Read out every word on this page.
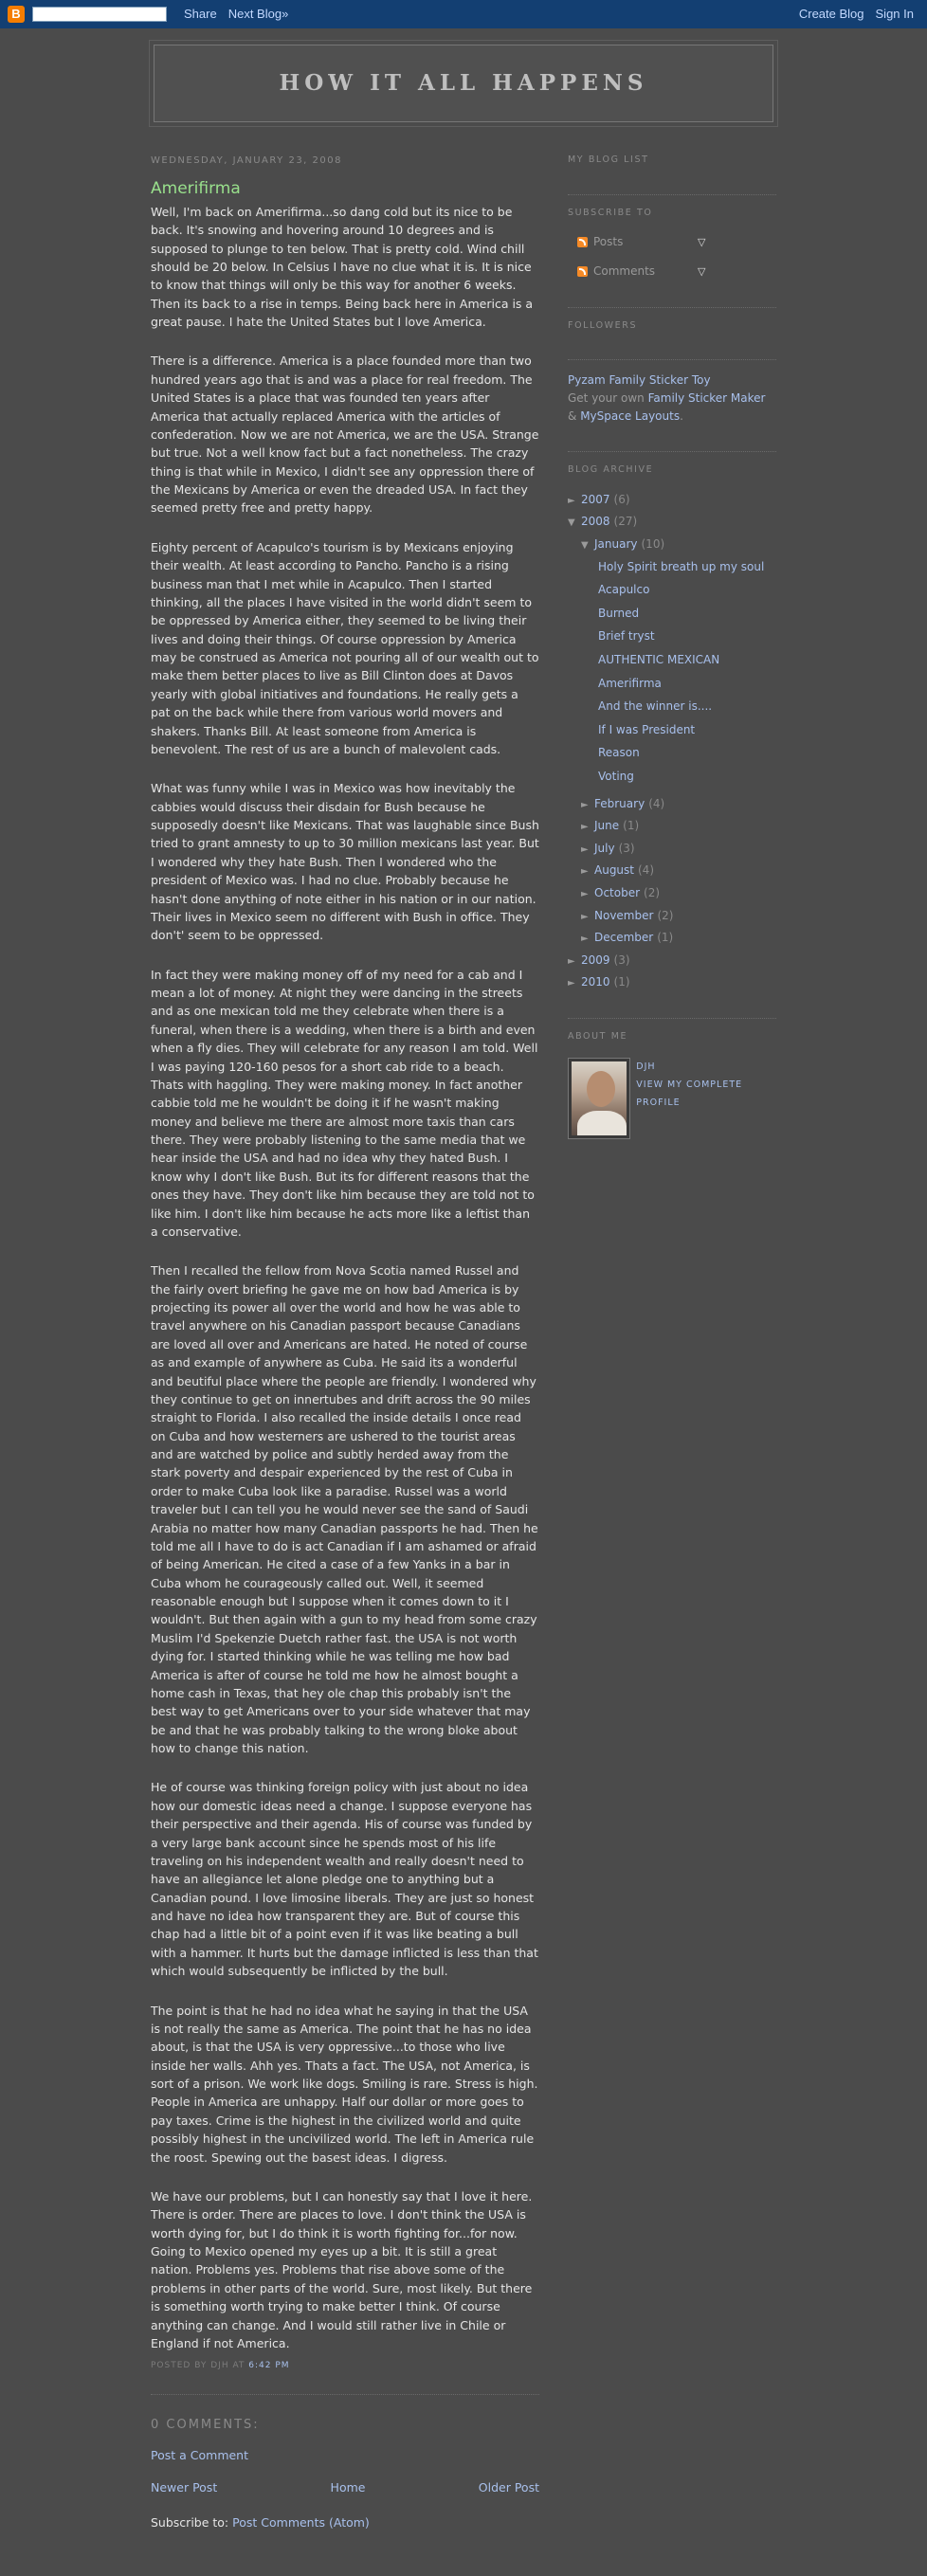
B	Share Next Blog»	Create Blog Sign In
HOW IT ALL HAPPENS
WEDNESDAY, JANUARY 23, 2008
Amerifirma

Well, I'm back on Amerifirma...so dang cold but its nice to be back. It's snowing and hovering around 10 degrees and is supposed to plunge to ten below. That is pretty cold. Wind chill should be 20 below. In Celsius I have no clue what it is. It is nice to know that things will only be this way for another 6 weeks. Then its back to a rise in temps. Being back here in America is a great pause. I hate the United States but I love America.

There is a difference. America is a place founded more than two hundred years ago that is and was a place for real freedom. The United States is a place that was founded ten years after America that actually replaced America with the articles of confederation. Now we are not America, we are the USA. Strange but true. Not a well know fact but a fact nonetheless. The crazy thing is that while in Mexico, I didn't see any oppression there of the Mexicans by America or even the dreaded USA. In fact they seemed pretty free and pretty happy.

Eighty percent of Acapulco's tourism is by Mexicans enjoying their wealth. At least according to Pancho. Pancho is a rising business man that I met while in Acapulco. Then I started thinking, all the places I have visited in the world didn't seem to be oppressed by America either, they seemed to be living their lives and doing their things. Of course oppression by America may be construed as America not pouring all of our wealth out to make them better places to live as Bill Clinton does at Davos yearly with global initiatives and foundations. He really gets a pat on the back while there from various world movers and shakers. Thanks Bill. At least someone from America is benevolent. The rest of us are a bunch of malevolent cads.

What was funny while I was in Mexico was how inevitably the cabbies would discuss their disdain for Bush because he supposedly doesn't like Mexicans. That was laughable since Bush tried to grant amnesty to up to 30 million mexicans last year. But I wondered why they hate Bush. Then I wondered who the president of Mexico was. I had no clue. Probably because he hasn't done anything of note either in his nation or in our nation. Their lives in Mexico seem no different with Bush in office. They don't' seem to be oppressed.

In fact they were making money off of my need for a cab and I mean a lot of money. At night they were dancing in the streets and as one mexican told me they celebrate when there is a funeral, when there is a wedding, when there is a birth and even when a fly dies. They will celebrate for any reason I am told. Well I was paying 120-160 pesos for a short cab ride to a beach. Thats with haggling. They were making money. In fact another cabbie told me he wouldn't be doing it if he wasn't making money and believe me there are almost more taxis than cars there. They were probably listening to the same media that we hear inside the USA and had no idea why they hated Bush. I know why I don't like Bush. But its for different reasons that the ones they have. They don't like him because they are told not to like him. I don't like him because he acts more like a leftist than a conservative.

Then I recalled the fellow from Nova Scotia named Russel and the fairly overt briefing he gave me on how bad America is by projecting its power all over the world and how he was able to travel anywhere on his Canadian passport because Canadians are loved all over and Americans are hated. He noted of course as and example of anywhere as Cuba. He said its a wonderful and beutiful place where the people are friendly. I wondered why they continue to get on innertubes and drift across the 90 miles straight to Florida. I also recalled the inside details I once read on Cuba and how westerners are ushered to the tourist areas and are watched by police and subtly herded away from the stark poverty and despair experienced by the rest of Cuba in order to make Cuba look like a paradise. Russel was a world traveler but I can tell you he would never see the sand of Saudi Arabia no matter how many Canadian passports he had. Then he told me all I have to do is act Canadian if I am ashamed or afraid of being American. He cited a case of a few Yanks in a bar in Cuba whom he courageously called out. Well, it seemed reasonable enough but I suppose when it comes down to it I wouldn't. But then again with a gun to my head from some crazy Muslim I'd Spekenzie Duetch rather fast. the USA is not worth dying for. I started thinking while he was telling me how bad America is after of course he told me how he almost bought a home cash in Texas, that hey ole chap this probably isn't the best way to get Americans over to your side whatever that may be and that he was probably talking to the wrong bloke about how to change this nation.

He of course was thinking foreign policy with just about no idea how our domestic ideas need a change. I suppose everyone has their perspective and their agenda. His of course was funded by a very large bank account since he spends most of his life traveling on his independent wealth and really doesn't need to have an allegiance let alone pledge one to anything but a Canadian pound. I love limosine liberals. They are just so honest and have no idea how transparent they are. But of course this chap had a little bit of a point even if it was like beating a bull with a hammer. It hurts but the damage inflicted is less than that which would subsequently be inflicted by the bull.

The point is that he had no idea what he saying in that the USA is not really the same as America. The point that he has no idea about, is that the USA is very oppressive...to those who live inside her walls. Ahh yes. Thats a fact. The USA, not America, is sort of a prison. We work like dogs. Smiling is rare. Stress is high. People in America are unhappy. Half our dollar or more goes to pay taxes. Crime is the highest in the civilized world and quite possibly highest in the uncivilized world. The left in America rule the roost. Spewing out the basest ideas. I digress.

We have our problems, but I can honestly say that I love it here. There is order. There are places to love. I don't think the USA is worth dying for, but I do think it is worth fighting for...for now. Going to Mexico opened my eyes up a bit. It is still a great nation. Problems yes. Problems that rise above some of the problems in other parts of the world. Sure, most likely. But there is something worth trying to make better I think. Of course anything can change. And I would still rather live in Chile or England if not America.

POSTED BY DJH AT 6:42 PM
0 COMMENTS:
Post a Comment
Newer Post	Home	Older Post
Subscribe to: Post Comments (Atom)
MY BLOG LIST
SUBSCRIBE TO
Posts	▽
Comments	▽
FOLLOWERS
Pyzam Family Sticker Toy
Get your own Family Sticker Maker & MySpace Layouts.
BLOG ARCHIVE
► 2007 (6)
▼ 2008 (27)
▼ January (10)
Holy Spirit breath up my soul
Acapulco
Burned
Brief tryst
AUTHENTIC MEXICAN
Amerifirma
And the winner is....
If I was President
Reason
Voting
► February (4)
► June (1)
► July (3)
► August (4)
► October (2)
► November (2)
► December (1)
► 2009 (3)
► 2010 (1)
ABOUT ME
DJH
VIEW MY COMPLETE PROFILE
